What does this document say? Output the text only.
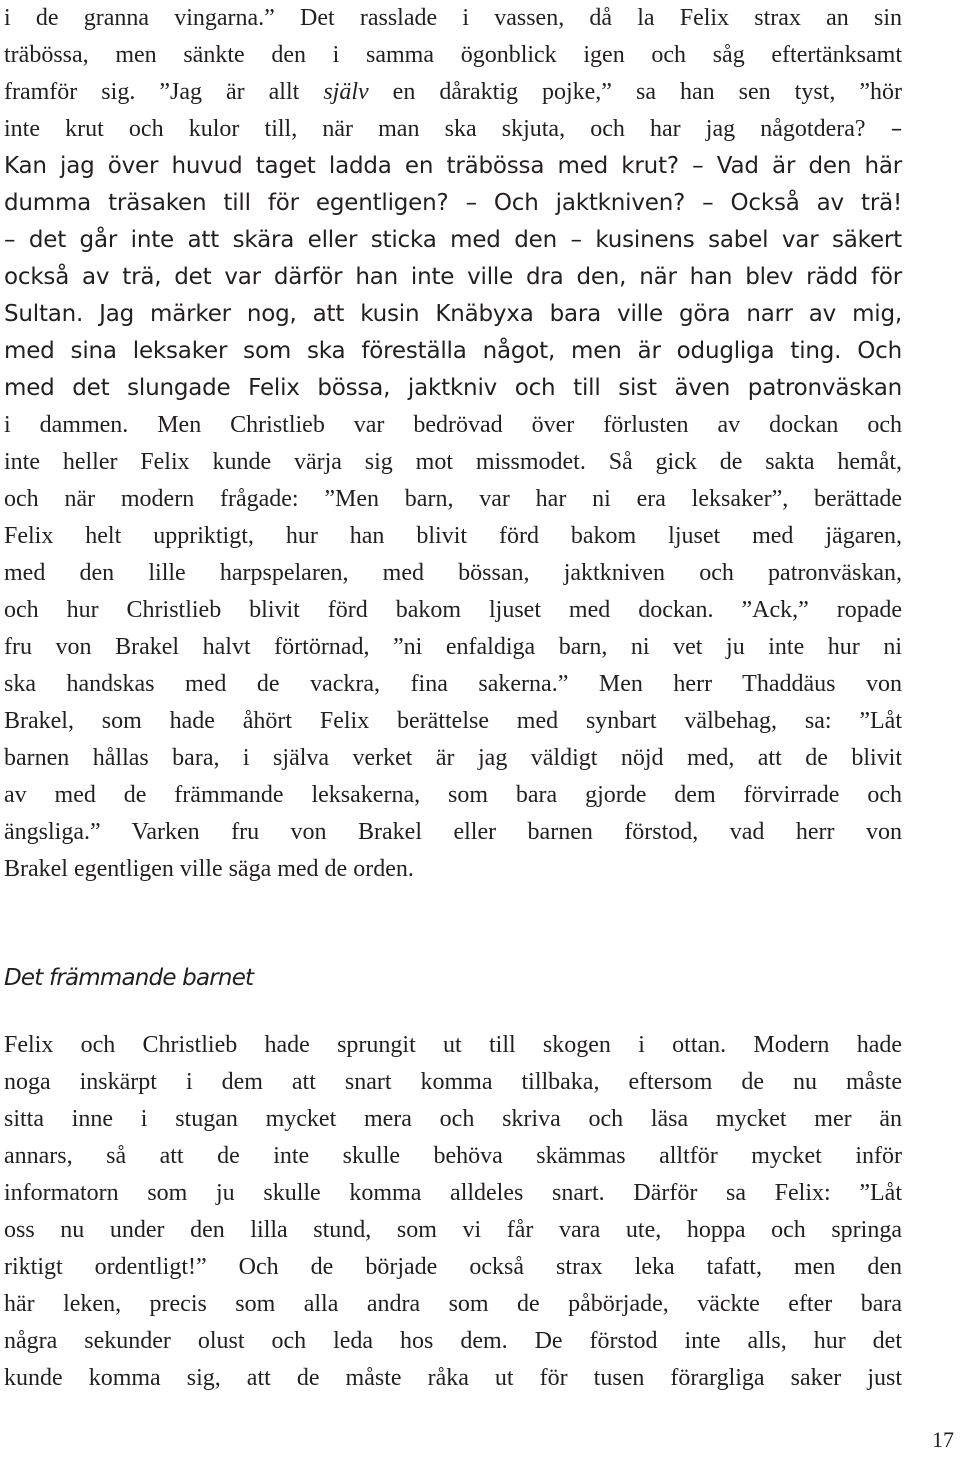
i de granna vingarna.” Det rasslade i vassen, då la Felix strax an sin
träbössa, men sänkte den i samma ögonblick igen och såg eftertänksamt
framför sig. ”Jag är allt själv en dåraktig pojke,” sa han sen tyst, ”hör
inte krut och kulor till, när man ska skjuta, och har jag någotdera? –
Kan jag över huvud taget ladda en träbössa med krut? – Vad är den här
dumma träsaken till för egentligen? – Och jaktkniven? – Också av trä!
– det går inte att skära eller sticka med den – kusinens sabel var säkert
också av trä, det var därför han inte ville dra den, när han blev rädd för
Sultan. Jag märker nog, att kusin Knäbyxa bara ville göra narr av mig,
med sina leksaker som ska föreställa något, men är odugliga ting. Och
med det slungade Felix bössa, jaktkniv och till sist även patronväskan
i dammen. Men Christlieb var bedrövad över förlusten av dockan och
inte heller Felix kunde värja sig mot missmodet. Så gick de sakta hemåt,
och när modern frågade: ”Men barn, var har ni era leksaker”, berättade
Felix helt uppriktigt, hur han blivit förd bakom ljuset med jägaren,
med den lille harpspelaren, med bössan, jaktkniven och patronväskan,
och hur Christlieb blivit förd bakom ljuset med dockan. ”Ack,” ropade
fru von Brakel halvt förtörnad, ”ni enfaldiga barn, ni vet ju inte hur ni
ska handskas med de vackra, fina sakerna.” Men herr Thaddäus von
Brakel, som hade åhört Felix berättelse med synbart välbehag, sa: ”Låt
barnen hållas bara, i själva verket är jag väldigt nöjd med, att de blivit
av med de främmande leksakerna, som bara gjorde dem förvirrade och
ängsliga.” Varken fru von Brakel eller barnen förstod, vad herr von
Brakel egentligen ville säga med de orden.
Det främmande barnet
Felix och Christlieb hade sprungit ut till skogen i ottan. Modern hade
noga inskärpt i dem att snart komma tillbaka, eftersom de nu måste
sitta inne i stugan mycket mera och skriva och läsa mycket mer än
annars, så att de inte skulle behöva skämmas alltför mycket inför
informatorn som ju skulle komma alldeles snart. Därför sa Felix: ”Låt
oss nu under den lilla stund, som vi får vara ute, hoppa och springa
riktigt ordentligt!” Och de började också strax leka tafatt, men den
här leken, precis som alla andra som de påbörjade, väckte efter bara
några sekunder olust och leda hos dem. De förstod inte alls, hur det
kunde komma sig, att de måste råka ut för tusen förargliga saker just
17
